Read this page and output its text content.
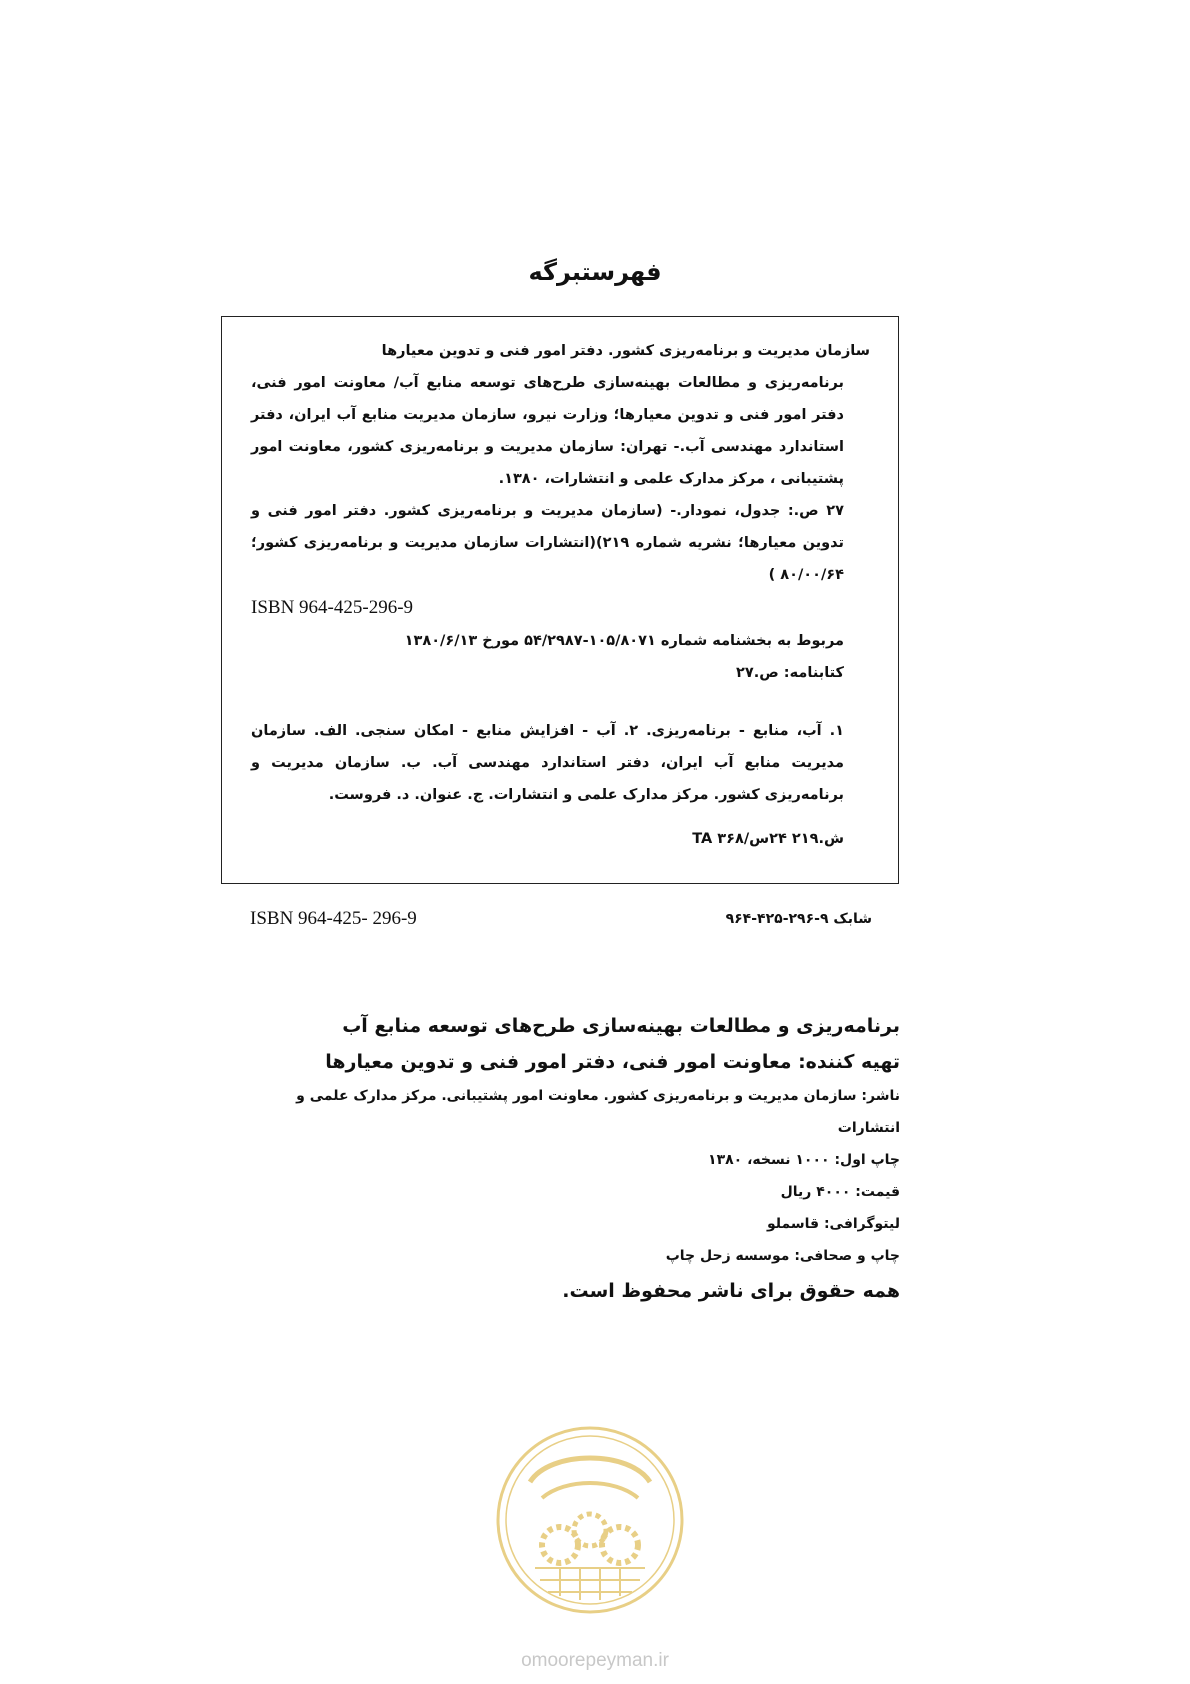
فهرستبرگه

سازمان مدیریت و برنامه‌ریزی کشور. دفتر امور فنی و تدوین معیارها

برنامه‌ریزی و مطالعات بهینه‌سازی طرح‌های توسعه منابع آب/ معاونت امور فنی، دفتر امور فنی و تدوین معیارها؛ وزارت نیرو، سازمان مدیریت منابع آب ایران، دفتر استاندارد مهندسی آب.- تهران: سازمان مدیریت و برنامه‌ریزی کشور، معاونت امور پشتیبانی ، مرکز مدارک علمی و انتشارات، ۱۳۸۰.

۲۷ ص.: جدول، نمودار.- (سازمان مدیریت و برنامه‌ریزی کشور. دفتر امور فنی و تدوین معیارها؛ نشریه شماره ۲۱۹)(انتشارات سازمان مدیریت و برنامه‌ریزی کشور؛ ۸۰/۰۰/۶۴ )

ISBN 964-425-296-9

مربوط به بخشنامه شماره ۱۰۵/۸۰۷۱-۵۴/۲۹۸۷ مورخ ۱۳۸۰/۶/۱۳

کتابنامه: ص.۲۷

۱. آب، منابع - برنامه‌ریزی. ۲. آب - افزایش منابع - امکان سنجی. الف. سازمان مدیریت منابع آب ایران، دفتر استاندارد مهندسی آب. ب. سازمان مدیریت و برنامه‌ریزی کشور. مرکز مدارک علمی و انتشارات. ج. عنوان. د. فروست.

ش.۲۱۹ ۲۴س/۳۶۸ TA

ISBN 964-425- 296-9	شابک ۹-۲۹۶-۴۲۵-۹۶۴

برنامه‌ریزی و مطالعات بهینه‌سازی طرح‌های توسعه منابع آب

تهیه کننده: معاونت امور فنی، دفتر امور فنی و تدوین معیارها

ناشر: سازمان مدیریت و برنامه‌ریزی کشور. معاونت امور پشتیبانی. مرکز مدارک علمی و انتشارات

چاپ اول: ۱۰۰۰ نسخه، ۱۳۸۰

قیمت: ۴۰۰۰ ریال

لیتوگرافی: قاسملو

چاپ و صحافی: موسسه زحل چاپ

همه حقوق برای ناشر محفوظ است.

omoorepeyman.ir
